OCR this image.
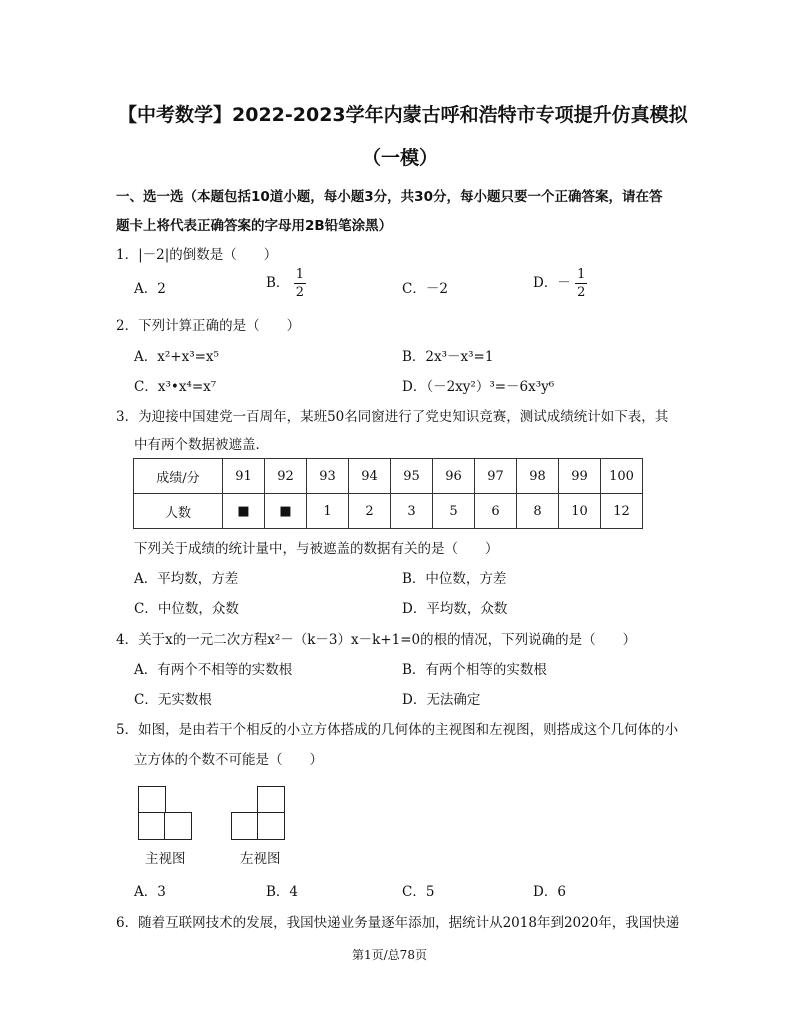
【中考数学】2022-2023学年内蒙古呼和浩特市专项提升仿真模拟
（一模）
一、选一选（本题包括10道小题，每小题3分，共30分，每小题只要一个正确答案，请在答
题卡上将代表正确答案的字母用2B铅笔涂黑）
1．|－2|的倒数是（　　）
A．2	B． $\frac{1}{2}$	C．－2	D．－ $\frac{1}{2}$
2．下列计算正确的是（　　）
A．x²+x³=x⁵	B．2x³－x³=1
C．x³•x⁴=x⁷	D．（－2xy²）³=－6x³y⁶
3．为迎接中国建党一百周年，某班50名同窗进行了党史知识竞赛，测试成绩统计如下表，其
中有两个数据被遮盖．
成绩/分	91	92	93	94	95	96	97	98	99	100
人数	■	■	1	2	3	5	6	8	10	12
下列关于成绩的统计量中，与被遮盖的数据有关的是（　　）
A．平均数，方差	B．中位数，方差
C．中位数，众数	D．平均数，众数
4．关于x的一元二次方程x²－（k－3）x－k+1=0的根的情况，下列说确的是（　　）
A．有两个不相等的实数根	B．有两个相等的实数根
C．无实数根	D．无法确定
5．如图，是由若干个相反的小立方体搭成的几何体的主视图和左视图，则搭成这个几何体的小
立方体的个数不可能是（　　）
主视图	左视图
A．3	B．4	C．5	D．6
6．随着互联网技术的发展，我国快递业务量逐年添加，据统计从2018年到2020年，我国快递
第1页/总78页
